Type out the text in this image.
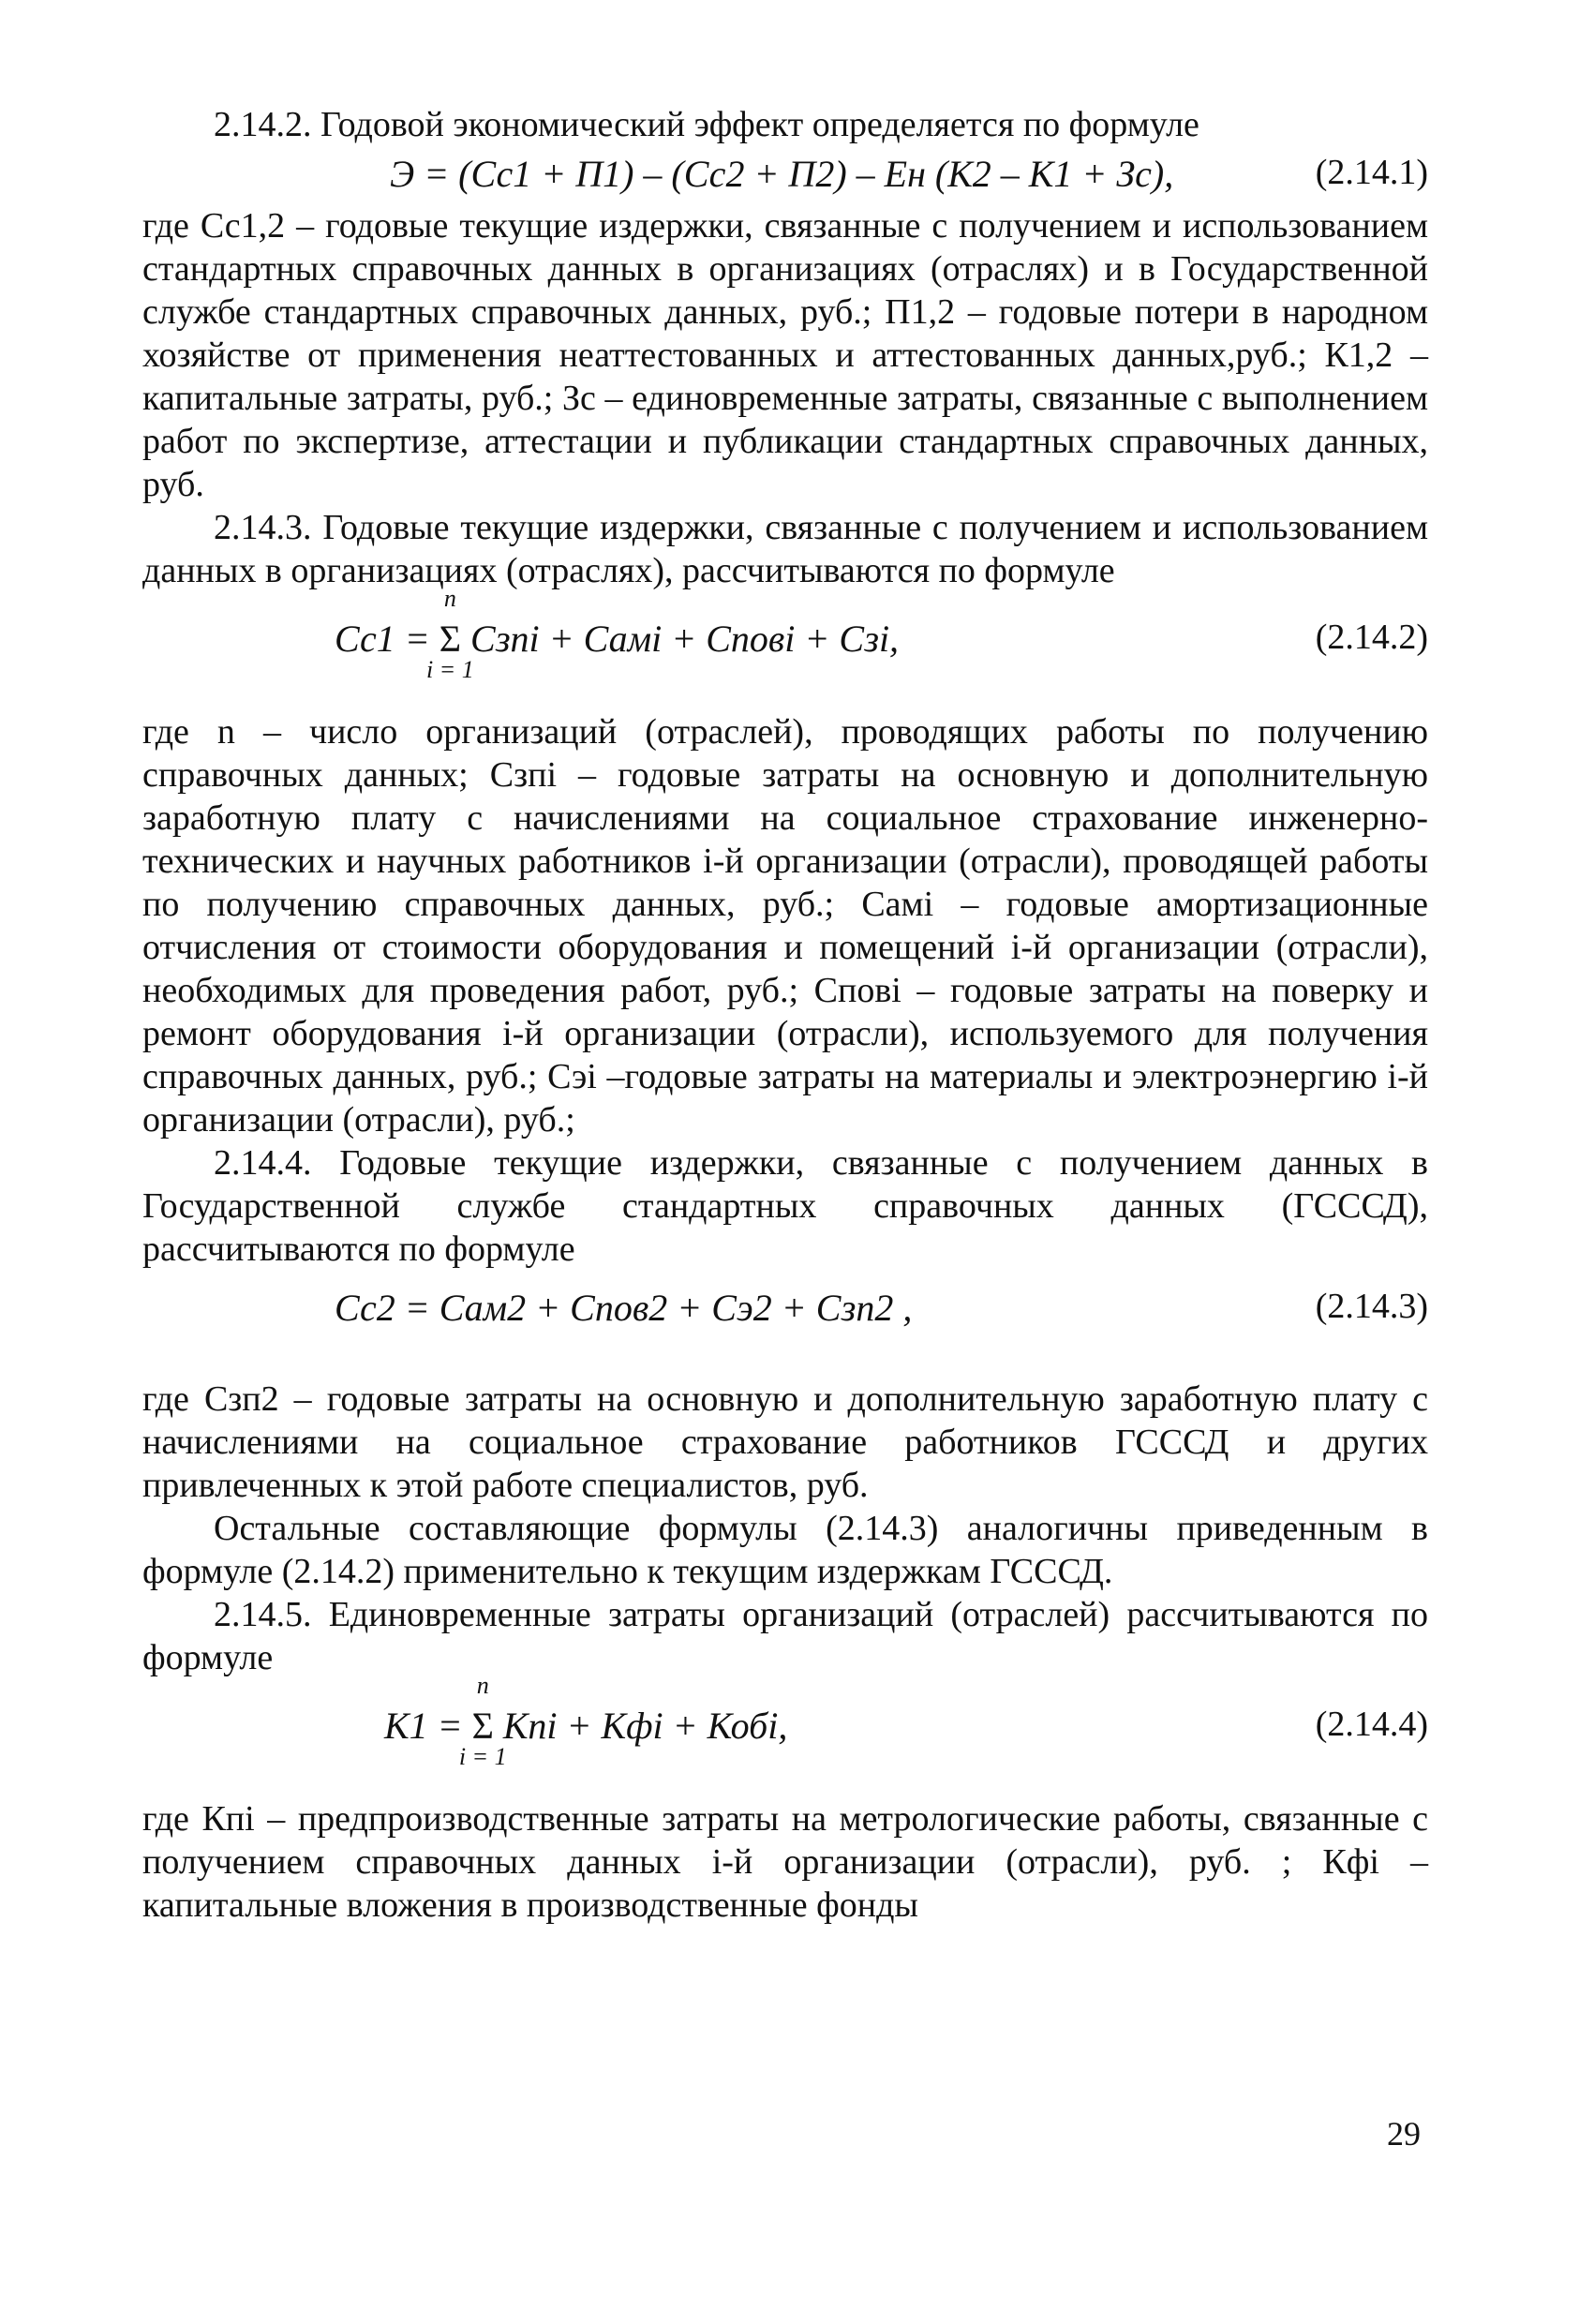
2.14.2. Годовой экономический эффект определяется по формуле

Э = (Сс1 + П1) – (Сс2 + П2) – Ен (К2 – К1 + Зс),	(2.14.1)

где Сс1,2 – годовые текущие издержки, связанные с получением и использованием стандартных справочных данных в организациях (отраслях) и в Государственной службе стандартных справочных данных, руб.; П1,2 – годовые потери в народном хозяйстве от применения неаттестованных и аттестованных данных,руб.; К1,2 – капитальные затраты, руб.; Зс – единовременные затраты, связанные с выполнением работ по экспертизе, аттестации и публикации стандартных справочных данных, руб.

2.14.3. Годовые текущие издержки, связанные с получением и использованием данных в организациях (отраслях), рассчитываются по формуле

Сс1 =
n
Σ
i = 1
Сзпi + Самi + Сповi + Сзi,	(2.14.2)

где n – число организаций (отраслей), проводящих работы по получению справочных данных; Сзпi – годовые затраты на основную и дополнительную заработную плату с начислениями на социальное страхование инженерно-технических и научных работников i-й организации (отрасли), проводящей работы по получению справочных данных, руб.; Самi – годовые амортизационные отчисления от стоимости оборудования и помещений i-й организации (отрасли), необходимых для проведения работ, руб.; Сповi – годовые затраты на поверку и ремонт оборудования i-й организации (отрасли), используемого для получения справочных данных, руб.; Сэi –годовые затраты на материалы и электроэнергию i-й организации (отрасли), руб.;

2.14.4. Годовые текущие издержки, связанные с получением данных в Государственной службе стандартных справочных данных (ГСССД), рассчитываются по формуле

Сс2 = Сам2 + Спов2 + Сэ2 + Сзп2 ,	(2.14.3)

где Сзп2 – годовые затраты на основную и дополнительную заработную плату с начислениями на социальное страхование работников ГСССД и других привлеченных к этой работе специалистов, руб.

Остальные составляющие формулы (2.14.3) аналогичны приведенным в формуле (2.14.2) применительно к текущим издержкам ГСССД.

2.14.5. Единовременные затраты организаций (отраслей) рассчитываются по формуле

К1 =
n
Σ
i = 1
Кпi + Кфi + Кобi,	(2.14.4)

где Кпi – предпроизводственные затраты на метрологические работы, связанные с получением справочных данных i-й организации (отрасли), руб. ; Кфi – капитальные вложения в производственные фонды

29
